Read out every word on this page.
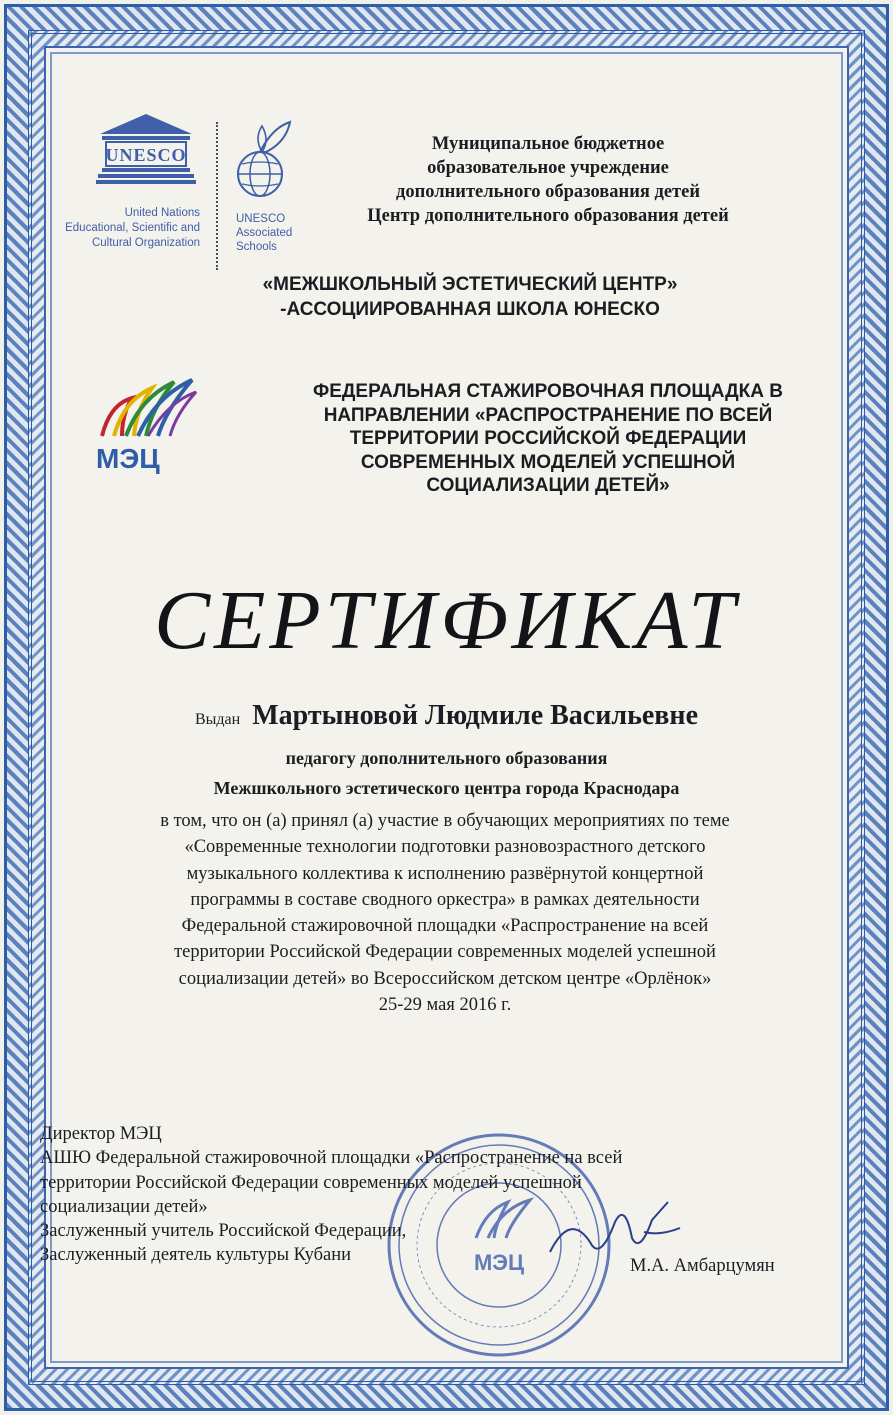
UNESCO
United Nations
Educational, Scientific and
Cultural Organization
UNESCO
Associated
Schools
Муниципальное бюджетное
образовательное учреждение
дополнительного образования детей
Центр дополнительного образования детей
«МЕЖШКОЛЬНЫЙ ЭСТЕТИЧЕСКИЙ ЦЕНТР»
-АССОЦИИРОВАННАЯ ШКОЛА ЮНЕСКО
МЭЦ
ФЕДЕРАЛЬНАЯ СТАЖИРОВОЧНАЯ ПЛОЩАДКА В
НАПРАВЛЕНИИ «РАСПРОСТРАНЕНИЕ ПО ВСЕЙ
ТЕРРИТОРИИ РОССИЙСКОЙ ФЕДЕРАЦИИ
СОВРЕМЕННЫХ МОДЕЛЕЙ УСПЕШНОЙ
СОЦИАЛИЗАЦИИ ДЕТЕЙ»
СЕРТИФИКАТ
Выдан Мартыновой Людмиле Васильевне
педагогу дополнительного образования
Межшкольного эстетического центра города Краснодара
в том, что он (а) принял (а) участие в обучающих мероприятиях по теме
«Современные технологии подготовки разновозрастного детского
музыкального коллектива к исполнению развёрнутой концертной
программы в составе сводного оркестра» в рамках деятельности
Федеральной стажировочной площадки «Распространение на всей
территории Российской Федерации современных моделей успешной
социализации детей» во Всероссийском детском центре «Орлёнок»
25-29 мая 2016 г.
МЭЦ
Директор МЭЦ
АШЮ Федеральной стажировочной площадки «Распространение на всей
территории Российской Федерации современных моделей успешной
социализации детей»
Заслуженный учитель Российской Федерации,
Заслуженный деятель культуры Кубани
М.А. Амбарцумян
